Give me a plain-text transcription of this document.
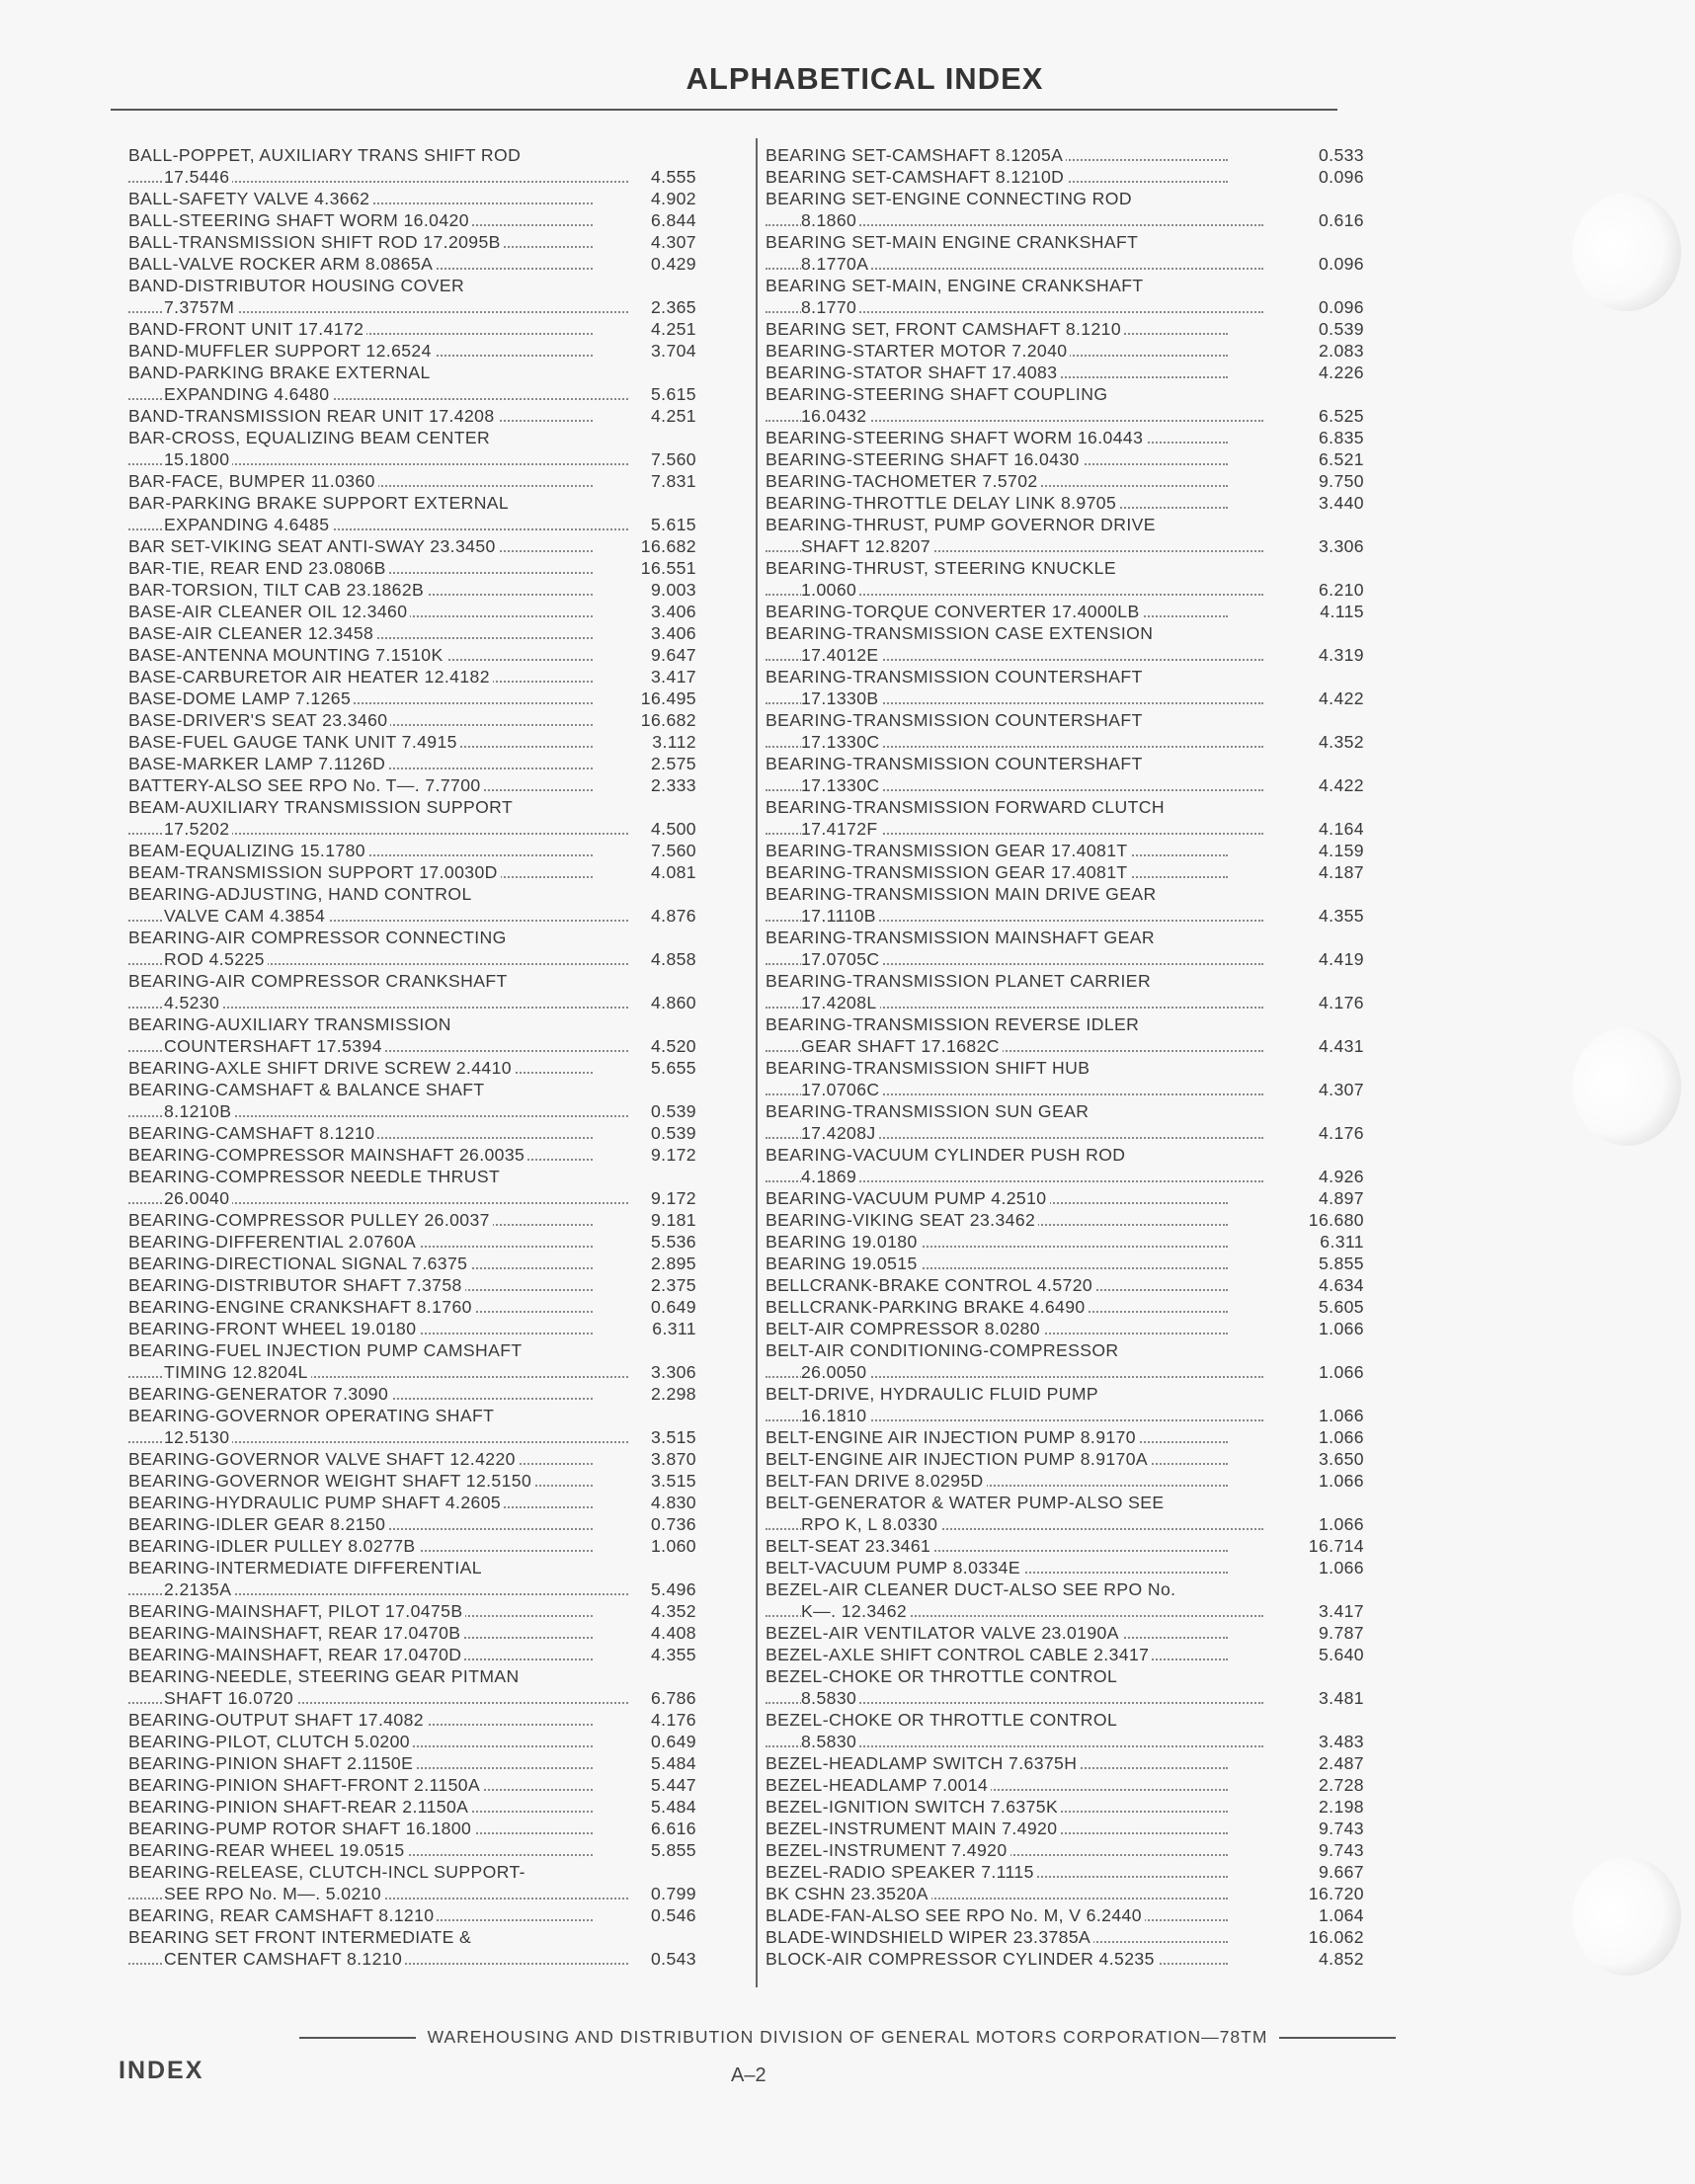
ALPHABETICAL INDEX
BALL-POPPET, AUXILIARY TRANS SHIFT ROD
17.5446	4.555
BALL-SAFETY VALVE 4.3662	4.902
BALL-STEERING SHAFT WORM 16.0420	6.844
BALL-TRANSMISSION SHIFT ROD 17.2095B	4.307
BALL-VALVE ROCKER ARM 8.0865A	0.429
BAND-DISTRIBUTOR HOUSING COVER
7.3757M	2.365
BAND-FRONT UNIT 17.4172	4.251
BAND-MUFFLER SUPPORT 12.6524	3.704
BAND-PARKING BRAKE EXTERNAL
EXPANDING 4.6480	5.615
BAND-TRANSMISSION REAR UNIT 17.4208	4.251
BAR-CROSS, EQUALIZING BEAM CENTER
15.1800	7.560
BAR-FACE, BUMPER 11.0360	7.831
BAR-PARKING BRAKE SUPPORT EXTERNAL
EXPANDING 4.6485	5.615
BAR SET-VIKING SEAT ANTI-SWAY 23.3450	16.682
BAR-TIE, REAR END 23.0806B	16.551
BAR-TORSION, TILT CAB 23.1862B	9.003
BASE-AIR CLEANER OIL 12.3460	3.406
BASE-AIR CLEANER 12.3458	3.406
BASE-ANTENNA MOUNTING 7.1510K	9.647
BASE-CARBURETOR AIR HEATER 12.4182	3.417
BASE-DOME LAMP 7.1265	16.495
BASE-DRIVER'S SEAT 23.3460	16.682
BASE-FUEL GAUGE TANK UNIT 7.4915	3.112
BASE-MARKER LAMP 7.1126D	2.575
BATTERY-ALSO SEE RPO No. T—. 7.7700	2.333
BEAM-AUXILIARY TRANSMISSION SUPPORT
17.5202	4.500
BEAM-EQUALIZING 15.1780	7.560
BEAM-TRANSMISSION SUPPORT 17.0030D	4.081
BEARING-ADJUSTING, HAND CONTROL
VALVE CAM 4.3854	4.876
BEARING-AIR COMPRESSOR CONNECTING
ROD 4.5225	4.858
BEARING-AIR COMPRESSOR CRANKSHAFT
4.5230	4.860
BEARING-AUXILIARY TRANSMISSION
COUNTERSHAFT 17.5394	4.520
BEARING-AXLE SHIFT DRIVE SCREW 2.4410	5.655
BEARING-CAMSHAFT & BALANCE SHAFT
8.1210B	0.539
BEARING-CAMSHAFT 8.1210	0.539
BEARING-COMPRESSOR MAINSHAFT 26.0035	9.172
BEARING-COMPRESSOR NEEDLE THRUST
26.0040	9.172
BEARING-COMPRESSOR PULLEY 26.0037	9.181
BEARING-DIFFERENTIAL 2.0760A	5.536
BEARING-DIRECTIONAL SIGNAL 7.6375	2.895
BEARING-DISTRIBUTOR SHAFT 7.3758	2.375
BEARING-ENGINE CRANKSHAFT 8.1760	0.649
BEARING-FRONT WHEEL 19.0180	6.311
BEARING-FUEL INJECTION PUMP CAMSHAFT
TIMING 12.8204L	3.306
BEARING-GENERATOR 7.3090	2.298
BEARING-GOVERNOR OPERATING SHAFT
12.5130	3.515
BEARING-GOVERNOR VALVE SHAFT 12.4220	3.870
BEARING-GOVERNOR WEIGHT SHAFT 12.5150	3.515
BEARING-HYDRAULIC PUMP SHAFT 4.2605	4.830
BEARING-IDLER GEAR 8.2150	0.736
BEARING-IDLER PULLEY 8.0277B	1.060
BEARING-INTERMEDIATE DIFFERENTIAL
2.2135A	5.496
BEARING-MAINSHAFT, PILOT 17.0475B	4.352
BEARING-MAINSHAFT, REAR 17.0470B	4.408
BEARING-MAINSHAFT, REAR 17.0470D	4.355
BEARING-NEEDLE, STEERING GEAR PITMAN
SHAFT 16.0720	6.786
BEARING-OUTPUT SHAFT 17.4082	4.176
BEARING-PILOT, CLUTCH 5.0200	0.649
BEARING-PINION SHAFT 2.1150E	5.484
BEARING-PINION SHAFT-FRONT 2.1150A	5.447
BEARING-PINION SHAFT-REAR 2.1150A	5.484
BEARING-PUMP ROTOR SHAFT 16.1800	6.616
BEARING-REAR WHEEL 19.0515	5.855
BEARING-RELEASE, CLUTCH-INCL SUPPORT-
SEE RPO No. M—. 5.0210	0.799
BEARING, REAR CAMSHAFT 8.1210	0.546
BEARING SET FRONT INTERMEDIATE &
CENTER CAMSHAFT 8.1210	0.543
BEARING SET-CAMSHAFT 8.1205A	0.533
BEARING SET-CAMSHAFT 8.1210D	0.096
BEARING SET-ENGINE CONNECTING ROD
8.1860	0.616
BEARING SET-MAIN ENGINE CRANKSHAFT
8.1770A	0.096
BEARING SET-MAIN, ENGINE CRANKSHAFT
8.1770	0.096
BEARING SET, FRONT CAMSHAFT 8.1210	0.539
BEARING-STARTER MOTOR 7.2040	2.083
BEARING-STATOR SHAFT 17.4083	4.226
BEARING-STEERING SHAFT COUPLING
16.0432	6.525
BEARING-STEERING SHAFT WORM 16.0443	6.835
BEARING-STEERING SHAFT 16.0430	6.521
BEARING-TACHOMETER 7.5702	9.750
BEARING-THROTTLE DELAY LINK 8.9705	3.440
BEARING-THRUST, PUMP GOVERNOR DRIVE
SHAFT 12.8207	3.306
BEARING-THRUST, STEERING KNUCKLE
1.0060	6.210
BEARING-TORQUE CONVERTER 17.4000LB	4.115
BEARING-TRANSMISSION CASE EXTENSION
17.4012E	4.319
BEARING-TRANSMISSION COUNTERSHAFT
17.1330B	4.422
BEARING-TRANSMISSION COUNTERSHAFT
17.1330C	4.352
BEARING-TRANSMISSION COUNTERSHAFT
17.1330C	4.422
BEARING-TRANSMISSION FORWARD CLUTCH
17.4172F	4.164
BEARING-TRANSMISSION GEAR 17.4081T	4.159
BEARING-TRANSMISSION GEAR 17.4081T	4.187
BEARING-TRANSMISSION MAIN DRIVE GEAR
17.1110B	4.355
BEARING-TRANSMISSION MAINSHAFT GEAR
17.0705C	4.419
BEARING-TRANSMISSION PLANET CARRIER
17.4208L	4.176
BEARING-TRANSMISSION REVERSE IDLER
GEAR SHAFT 17.1682C	4.431
BEARING-TRANSMISSION SHIFT HUB
17.0706C	4.307
BEARING-TRANSMISSION SUN GEAR
17.4208J	4.176
BEARING-VACUUM CYLINDER PUSH ROD
4.1869	4.926
BEARING-VACUUM PUMP 4.2510	4.897
BEARING-VIKING SEAT 23.3462	16.680
BEARING 19.0180	6.311
BEARING 19.0515	5.855
BELLCRANK-BRAKE CONTROL 4.5720	4.634
BELLCRANK-PARKING BRAKE 4.6490	5.605
BELT-AIR COMPRESSOR 8.0280	1.066
BELT-AIR CONDITIONING-COMPRESSOR
26.0050	1.066
BELT-DRIVE, HYDRAULIC FLUID PUMP
16.1810	1.066
BELT-ENGINE AIR INJECTION PUMP 8.9170	1.066
BELT-ENGINE AIR INJECTION PUMP 8.9170A	3.650
BELT-FAN DRIVE 8.0295D	1.066
BELT-GENERATOR & WATER PUMP-ALSO SEE
RPO K, L 8.0330	1.066
BELT-SEAT 23.3461	16.714
BELT-VACUUM PUMP 8.0334E	1.066
BEZEL-AIR CLEANER DUCT-ALSO SEE RPO No.
K—. 12.3462	3.417
BEZEL-AIR VENTILATOR VALVE 23.0190A	9.787
BEZEL-AXLE SHIFT CONTROL CABLE 2.3417	5.640
BEZEL-CHOKE OR THROTTLE CONTROL
8.5830	3.481
BEZEL-CHOKE OR THROTTLE CONTROL
8.5830	3.483
BEZEL-HEADLAMP SWITCH 7.6375H	2.487
BEZEL-HEADLAMP 7.0014	2.728
BEZEL-IGNITION SWITCH 7.6375K	2.198
BEZEL-INSTRUMENT MAIN 7.4920	9.743
BEZEL-INSTRUMENT 7.4920	9.743
BEZEL-RADIO SPEAKER 7.1115	9.667
BK CSHN 23.3520A	16.720
BLADE-FAN-ALSO SEE RPO No. M, V 6.2440	1.064
BLADE-WINDSHIELD WIPER 23.3785A	16.062
BLOCK-AIR COMPRESSOR CYLINDER 4.5235	4.852
WAREHOUSING AND DISTRIBUTION DIVISION OF GENERAL MOTORS CORPORATION—78TM
INDEX	A–2
